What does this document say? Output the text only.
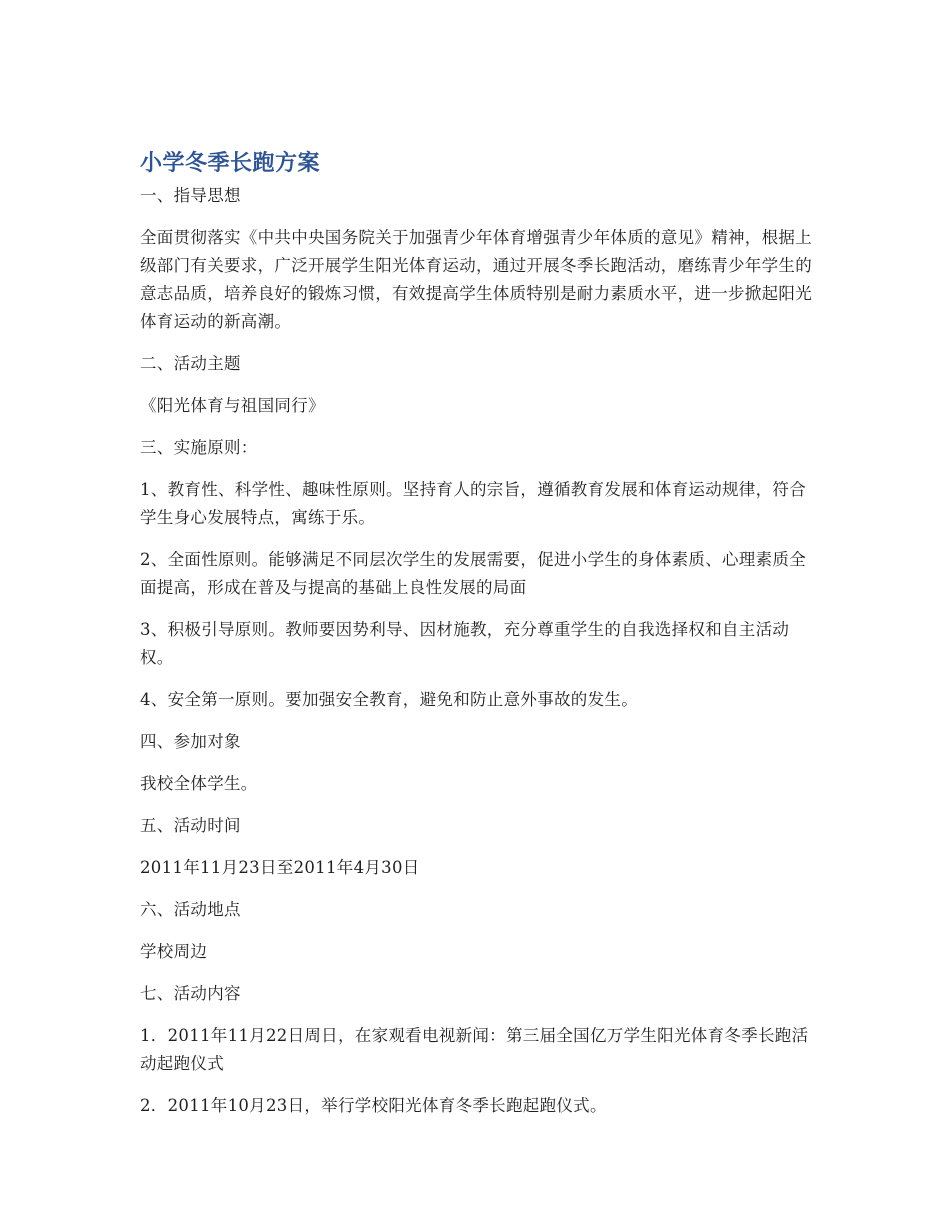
小学冬季长跑方案

一、指导思想

全面贯彻落实《中共中央国务院关于加强青少年体育增强青少年体质的意见》精神，根据上级部门有关要求，广泛开展学生阳光体育运动，通过开展冬季长跑活动，磨练青少年学生的意志品质，培养良好的锻炼习惯，有效提高学生体质特别是耐力素质水平，进一步掀起阳光体育运动的新高潮。

二、活动主题

《阳光体育与祖国同行》

三、实施原则：

1、教育性、科学性、趣味性原则。坚持育人的宗旨，遵循教育发展和体育运动规律，符合学生身心发展特点，寓练于乐。

2、全面性原则。能够满足不同层次学生的发展需要，促进小学生的身体素质、心理素质全面提高，形成在普及与提高的基础上良性发展的局面

3、积极引导原则。教师要因势利导、因材施教，充分尊重学生的自我选择权和自主活动权。

4、安全第一原则。要加强安全教育，避免和防止意外事故的发生。

四、参加对象

我校全体学生。

五、活动时间

2011年11月23日至2011年4月30日

六、活动地点

学校周边

七、活动内容

1．2011年11月22日周日，在家观看电视新闻：第三届全国亿万学生阳光体育冬季长跑活动起跑仪式

2．2011年10月23日，举行学校阳光体育冬季长跑起跑仪式。
